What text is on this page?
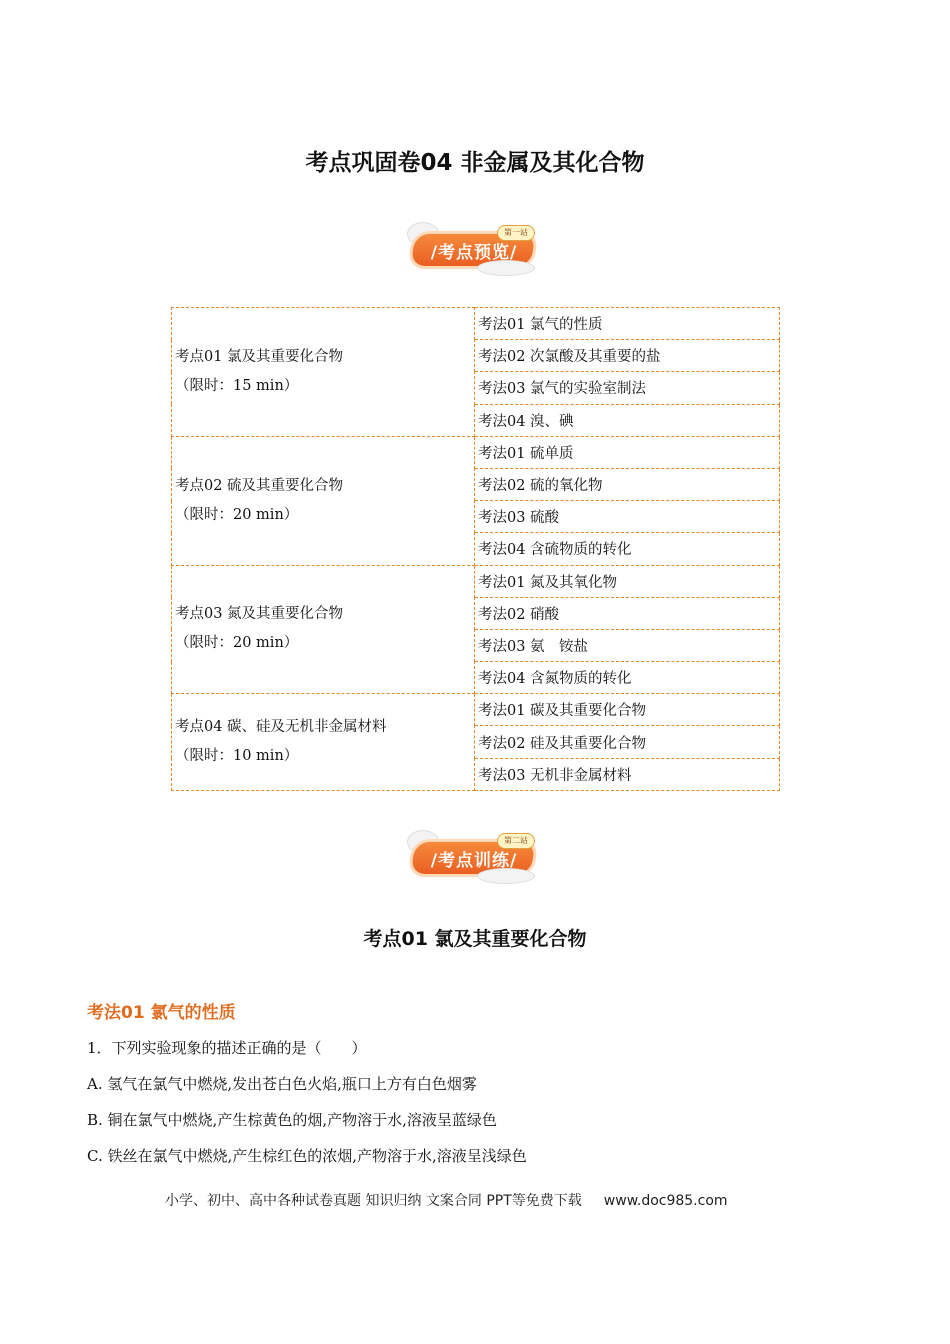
考点巩固卷04 非金属及其化合物
第一站
/考点预览/
考点01 氯及其重要化合物
（限时：15 min）	考法01 氯气的性质
	考法02 次氯酸及其重要的盐
	考法03 氯气的实验室制法
	考法04 溴、碘

考点02 硫及其重要化合物
（限时：20 min）	考法01 硫单质
	考法02 硫的氧化物
	考法03 硫酸
	考法04 含硫物质的转化

考点03 氮及其重要化合物
（限时：20 min）	考法01 氮及其氧化物
	考法02 硝酸
	考法03 氨　铵盐
	考法04 含氮物质的转化

考点04 碳、硅及无机非金属材料
（限时：10 min）	考法01 碳及其重要化合物
	考法02 硅及其重要化合物
	考法03 无机非金属材料
第二站
/考点训练/
考点01 氯及其重要化合物
考法01 氯气的性质
1．下列实验现象的描述正确的是（　　）
A. 氢气在氯气中燃烧,发出苍白色火焰,瓶口上方有白色烟雾
B. 铜在氯气中燃烧,产生棕黄色的烟,产物溶于水,溶液呈蓝绿色
C. 铁丝在氯气中燃烧,产生棕红色的浓烟,产物溶于水,溶液呈浅绿色
小学、初中、高中各种试卷真题 知识归纳 文案合同 PPT等免费下载 www.doc985.com
